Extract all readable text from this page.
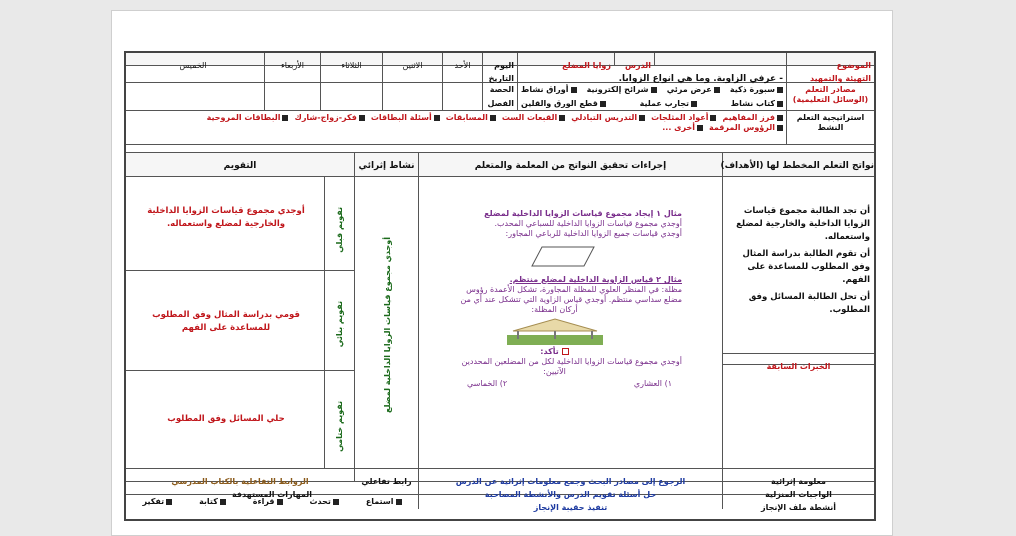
الموضوع
الدرس
زوايا المضلع
اليوم
الأحد
الاثنين
الثلاثاء
الأربعاء
الخميس
التهيئة والتمهيد
- عرفي الزاوية. وما هي انواع الزوايا.
التاريخ
مصادر التعلم (الوسائل التعليمية)
سبورة ذكية
عرض مرئي
شرائح إلكترونية
أوراق نشاط
كتاب نشاط
تجارب عملية
قطع الورق والقلين
الحصة
الفصل
استراتيجية التعلم النشط
فرز المفاهيم
أعواد المثلجات
التدريس التبادلي
القبعات الست
المسابقات
أسئلة البطاقات
فكر-زواج-شارك
البطاقات المروحية
الرؤوس المرقمة
أخرى ...
نواتج التعلم المخطط لها (الأهداف)
إجراءات تحقيق النواتج من المعلمة والمتعلم
نشاط إثرائي
التقويم
أن تجد الطالبة مجموع قياسات الزوايا الداخلية والخارجية لمضلع واستعماله.
أن تقوم الطالبة بدراسة المثال وفق المطلوب للمساعدة على الفهم.
أن تحل الطالبة المسائل وفق المطلوب.
الخبرات السابقة
مثال ١ إيجاد مجموع قياسات الزوايا الداخلية لمضلع
أوجدي مجموع قياسات الزوايا الداخلية للسباعي المحدب.
أوجدي قياسات جميع الزوايا الداخلية للرباعي المجاور:
مثال ٢ قياس الزاوية الداخلية لمضلع منتظم.
مظلة: في المنظر العلوي للمظلة المجاورة، تشكل الأعمدة رؤوس
مضلع سداسي منتظم. أوجدي قياس الزاوية التي تتشكل عند أي من
أركان المظلة:
تأكد:
أوجدي مجموع قياسات الزوايا الداخلية لكل من المضلعين المحددين
الآتيين:
١) العشاري
٢) الخماسي
أوجدي مجموع قياسات الزوايا الداخلية لمضلع
تقويم قبلي
أوجدي مجموع قياسات الزوايا الداخلية والخارجية لمضلع واستعماله.
تقويم بنائي
قومي بدراسة المثال وفق المطلوب للمساعدة على الفهم
تقويم ختامي
حلي المسائل وفق المطلوب
معلومة إثرائية
الرجوع إلى مصادر البحث وجمع معلومات إثرائية عن الدرس
رابط تفاعلي
الروابط التفاعلية بالكتاب المدرسي
الواجبات المنزلية
حل أسئلة تقويم الدرس والأنشطة المصاحبة
المهارات المستهدفة
أنشطة ملف الإنجاز
تنفيذ حقيبة الإنجاز
استماع
تحدث
قراءة
كتابة
تفكير
